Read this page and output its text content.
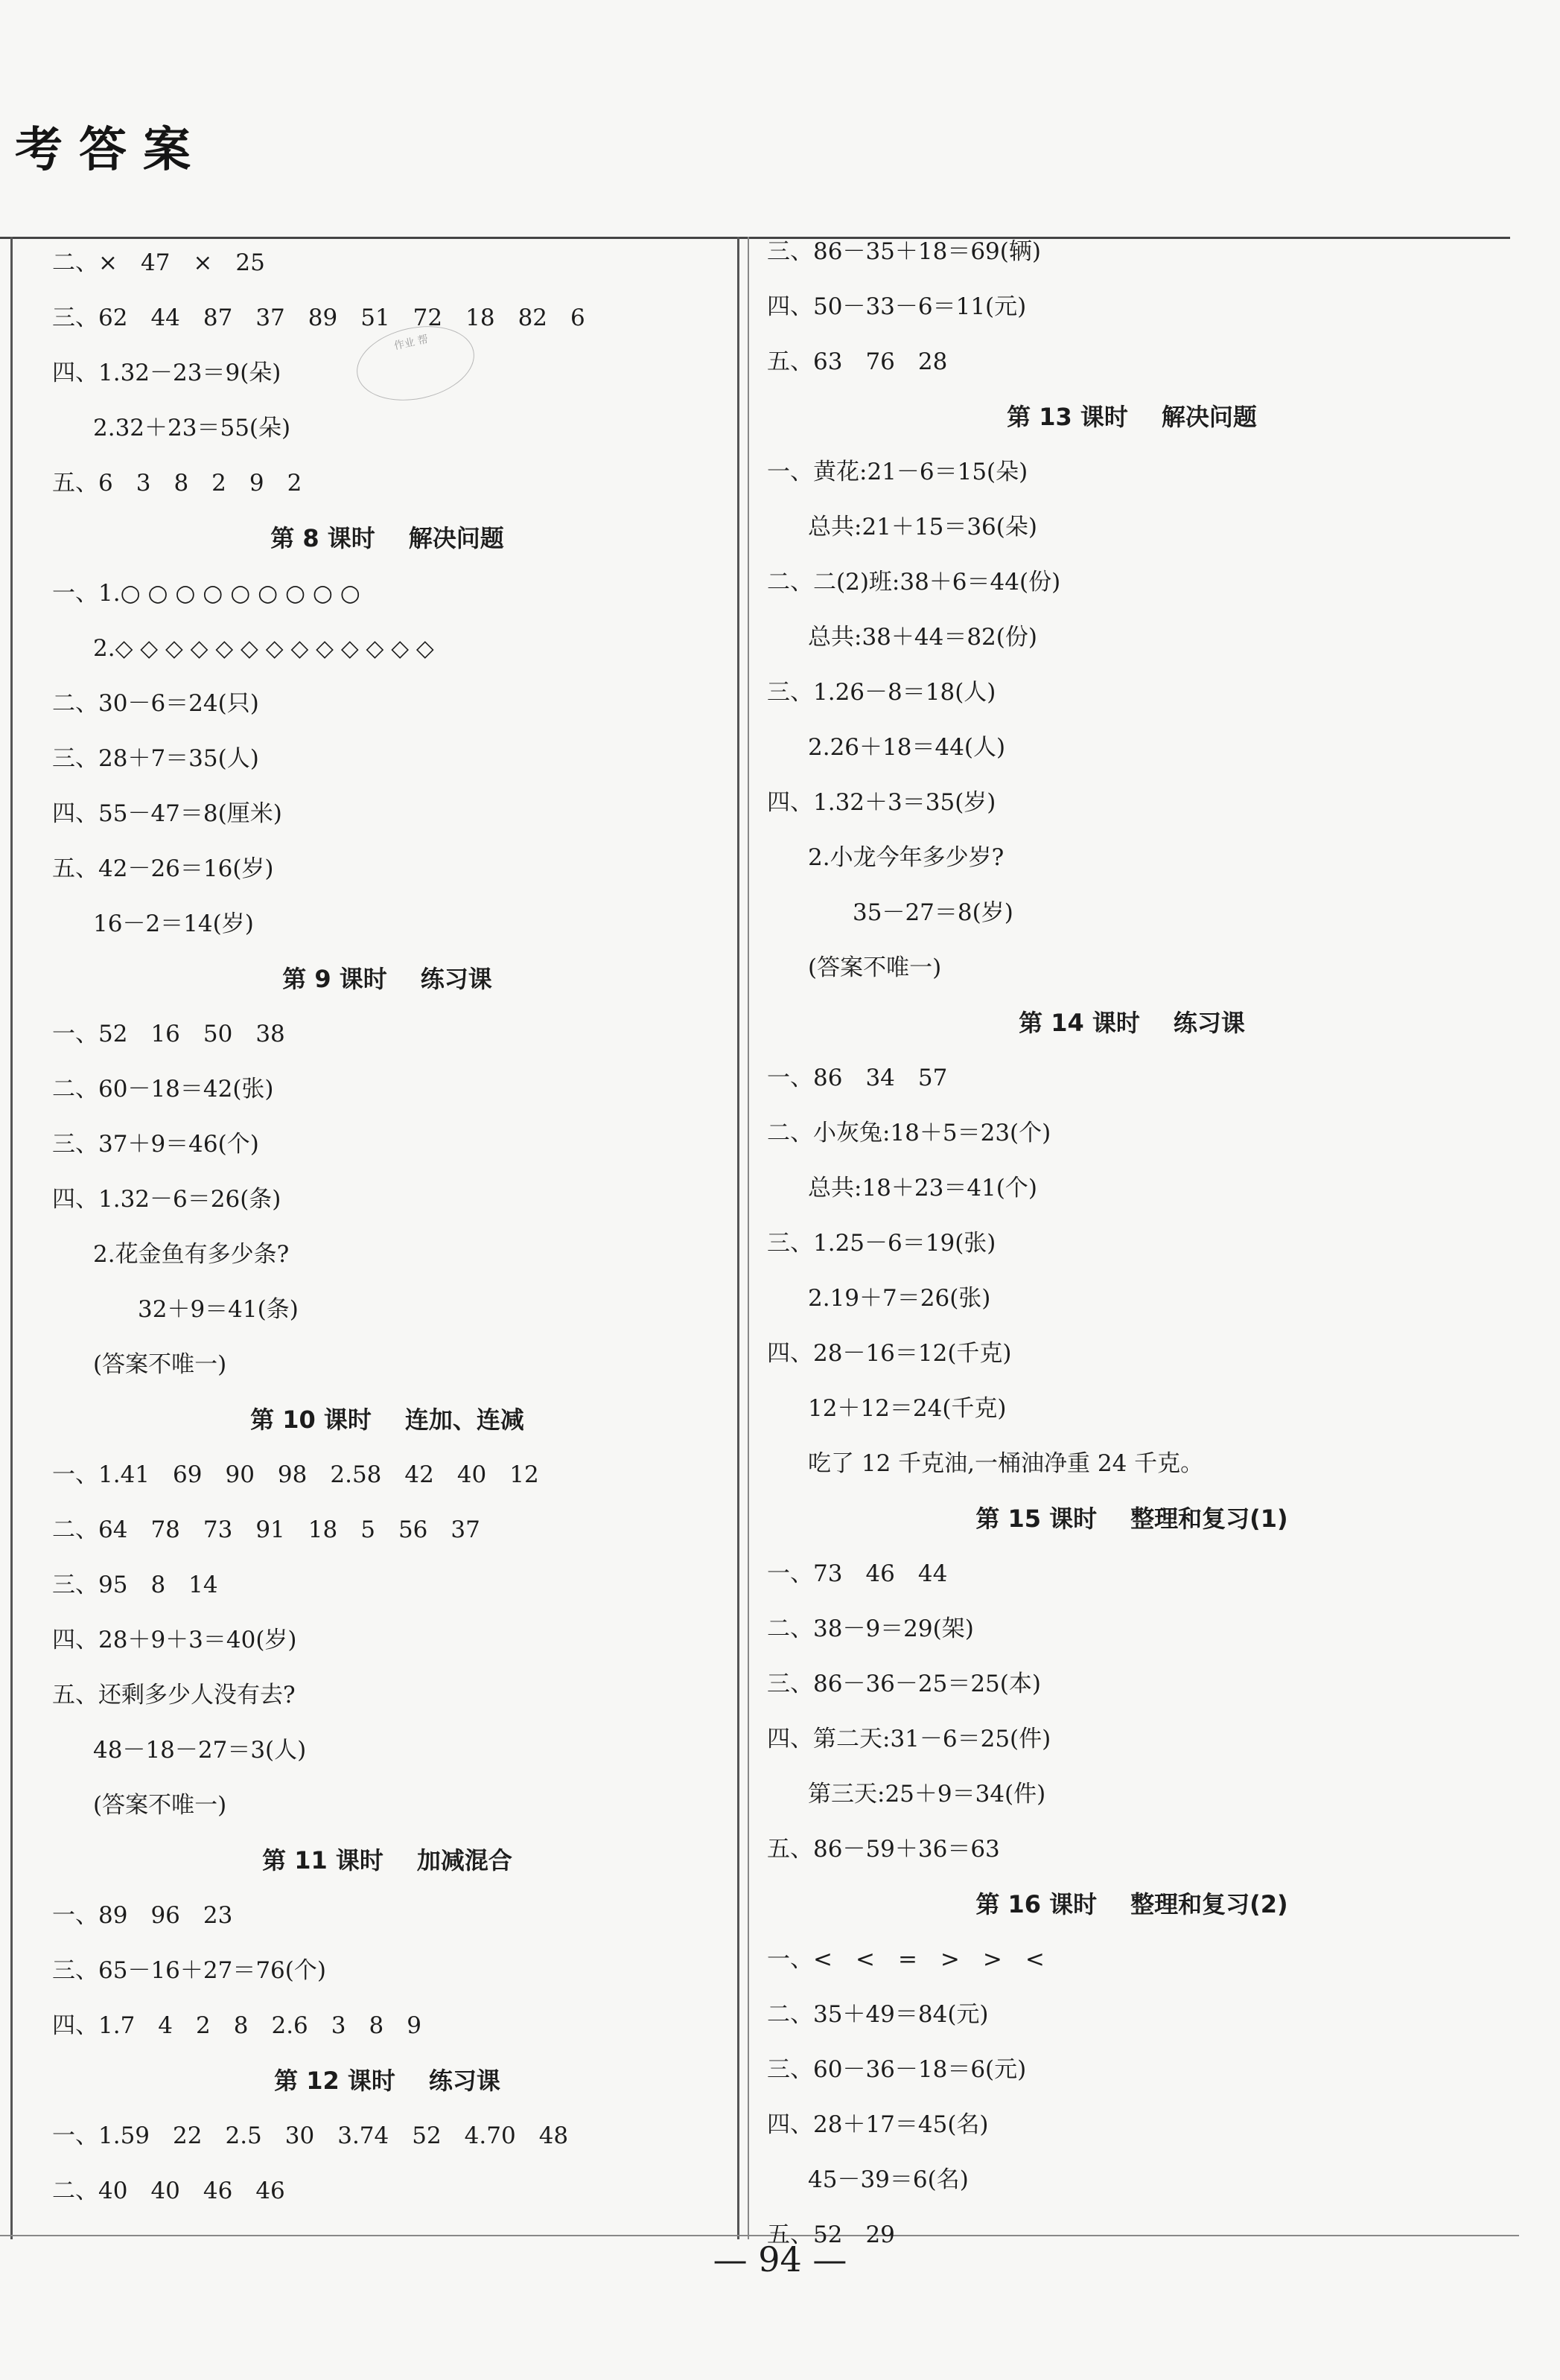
考答案
二、×　47　×　25
三、62　44　87　37　89　51　72　18　82　6
四、1.32－23＝9(朵)
2.32＋23＝55(朵)
五、6　3　8　2　9　2
第 8 课时 解决问题
一、1.○ ○ ○ ○ ○ ○ ○ ○ ○
2.◇ ◇ ◇ ◇ ◇ ◇ ◇ ◇ ◇ ◇ ◇ ◇ ◇
二、30－6＝24(只)
三、28＋7＝35(人)
四、55－47＝8(厘米)
五、42－26＝16(岁)
16－2＝14(岁)
第 9 课时 练习课
一、52　16　50　38
二、60－18＝42(张)
三、37＋9＝46(个)
四、1.32－6＝26(条)
2.花金鱼有多少条?
32＋9＝41(条)
(答案不唯一)
第 10 课时 连加、连减
一、1.41　69　90　98　2.58　42　40　12
二、64　78　73　91　18　5　56　37
三、95　8　14
四、28＋9＋3＝40(岁)
五、还剩多少人没有去?
48－18－27＝3(人)
(答案不唯一)
第 11 课时 加减混合
一、89　96　23
三、65－16＋27＝76(个)
四、1.7　4　2　8　2.6　3　8　9
第 12 课时 练习课
一、1.59　22　2.5　30　3.74　52　4.70　48
二、40　40　46　46
三、86－35＋18＝69(辆)
四、50－33－6＝11(元)
五、63　76　28
第 13 课时 解决问题
一、黄花:21－6＝15(朵)
总共:21＋15＝36(朵)
二、二(2)班:38＋6＝44(份)
总共:38＋44＝82(份)
三、1.26－8＝18(人)
2.26＋18＝44(人)
四、1.32＋3＝35(岁)
2.小龙今年多少岁?
35－27＝8(岁)
(答案不唯一)
第 14 课时 练习课
一、86　34　57
二、小灰兔:18＋5＝23(个)
总共:18＋23＝41(个)
三、1.25－6＝19(张)
2.19＋7＝26(张)
四、28－16＝12(千克)
12＋12＝24(千克)
吃了 12 千克油,一桶油净重 24 千克。
第 15 课时 整理和复习(1)
一、73　46　44
二、38－9＝29(架)
三、86－36－25＝25(本)
四、第二天:31－6＝25(件)
第三天:25＋9＝34(件)
五、86－59＋36＝63
第 16 课时 整理和复习(2)
一、<　<　=　>　>　<
二、35＋49＝84(元)
三、60－36－18＝6(元)
四、28＋17＝45(名)
45－39＝6(名)
五、52　29
作业 帮
— 94 —
